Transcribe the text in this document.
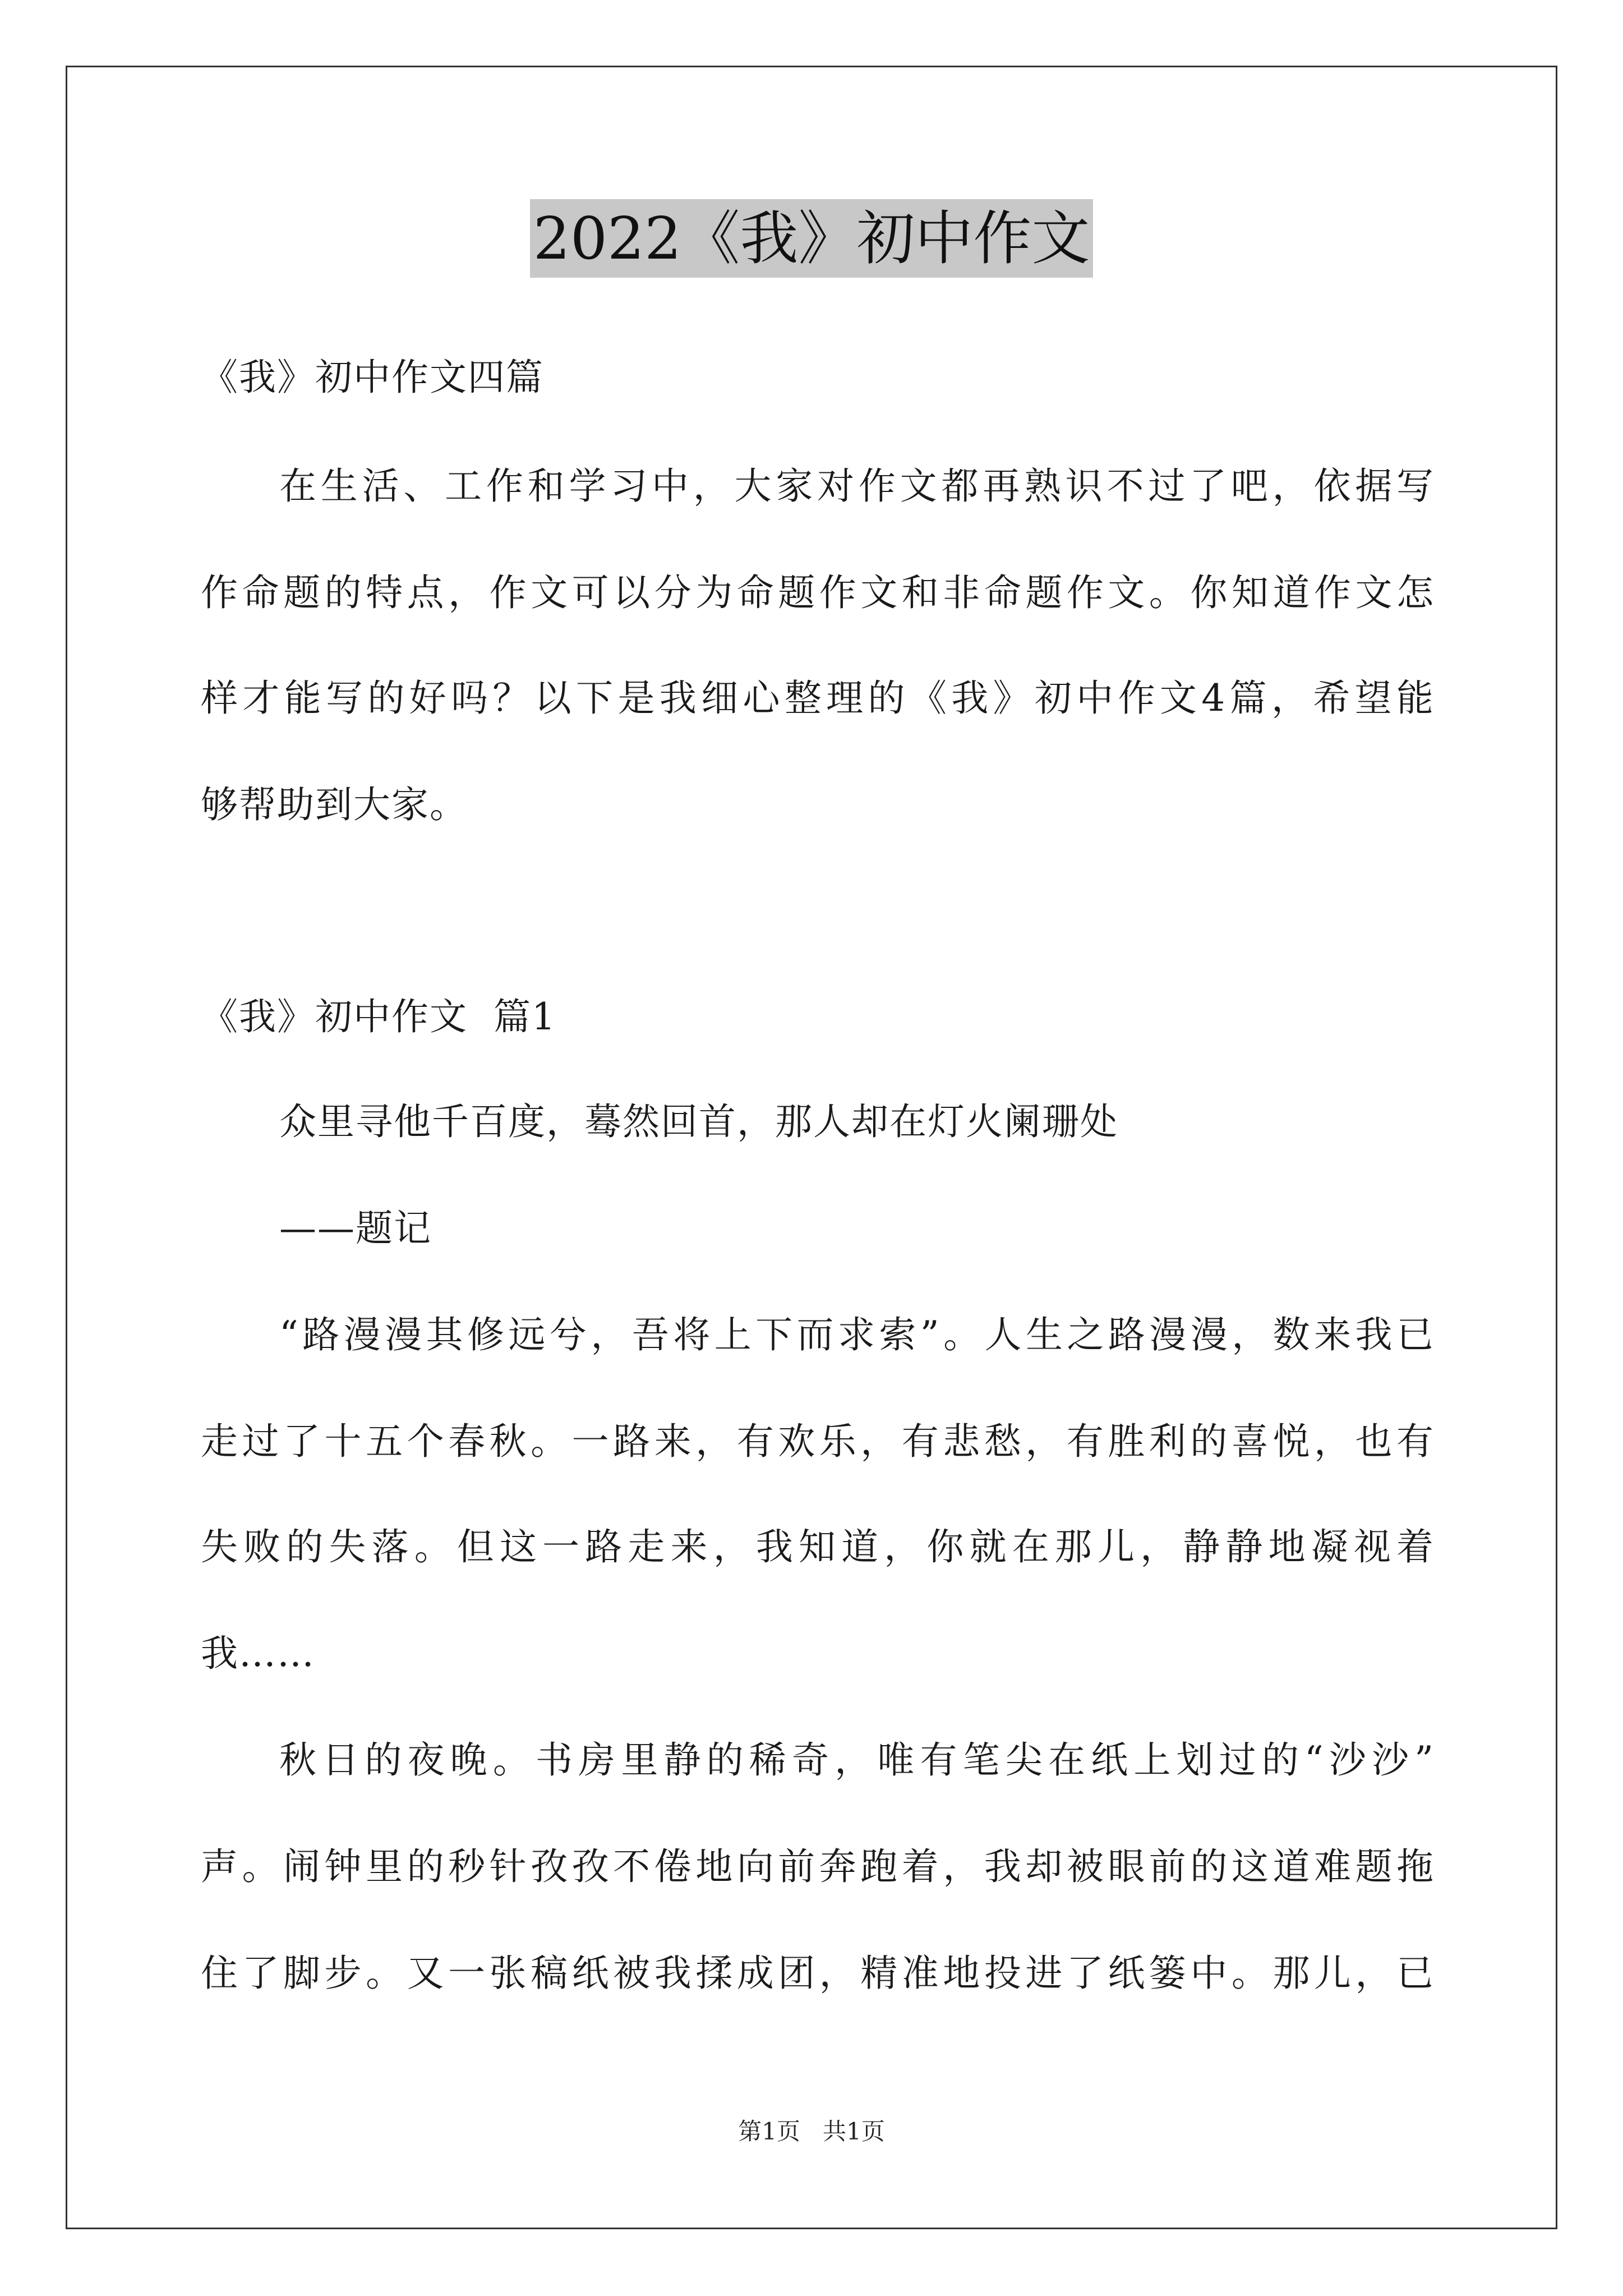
2022《我》初中作文
《我》初中作文四篇
在生活、工作和学习中，大家对作文都再熟识不过了吧，依据写
作命题的特点，作文可以分为命题作文和非命题作文。你知道作文怎
样才能写的好吗？以下是我细心整理的《我》初中作文4篇，希望能
够帮助到大家。
《我》初中作文  篇1
众里寻他千百度，蓦然回首，那人却在灯火阑珊处
——题记
“路漫漫其修远兮，吾将上下而求索”。人生之路漫漫，数来我已
走过了十五个春秋。一路来，有欢乐，有悲愁，有胜利的喜悦，也有
失败的失落。但这一路走来，我知道，你就在那儿，静静地凝视着
我……
秋日的夜晚。书房里静的稀奇，唯有笔尖在纸上划过的“沙沙”
声。闹钟里的秒针孜孜不倦地向前奔跑着，我却被眼前的这道难题拖
住了脚步。又一张稿纸被我揉成团，精准地投进了纸篓中。那儿，已
第1页 共1页
